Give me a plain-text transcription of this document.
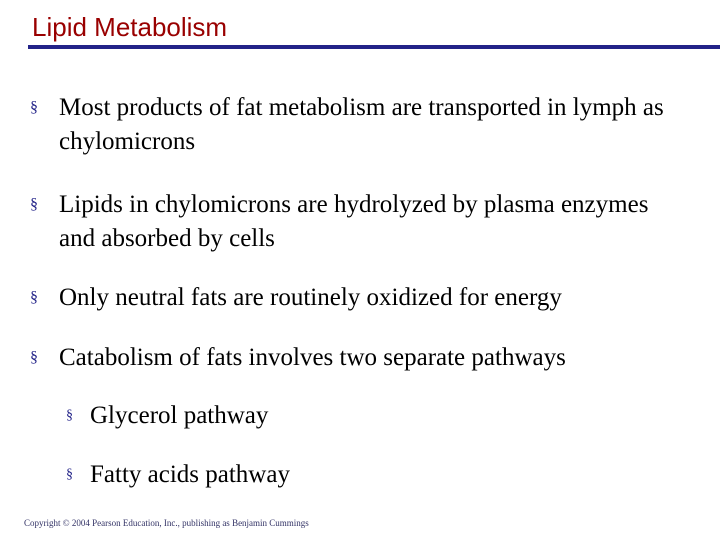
Lipid Metabolism
§ Most products of fat metabolism are transported in lymph as chylomicrons
§ Lipids in chylomicrons are hydrolyzed by plasma enzymes and absorbed by cells
§ Only neutral fats are routinely oxidized for energy
§ Catabolism of fats involves two separate pathways
§ Glycerol pathway
§ Fatty acids pathway
Copyright © 2004 Pearson Education, Inc., publishing as Benjamin Cummings
